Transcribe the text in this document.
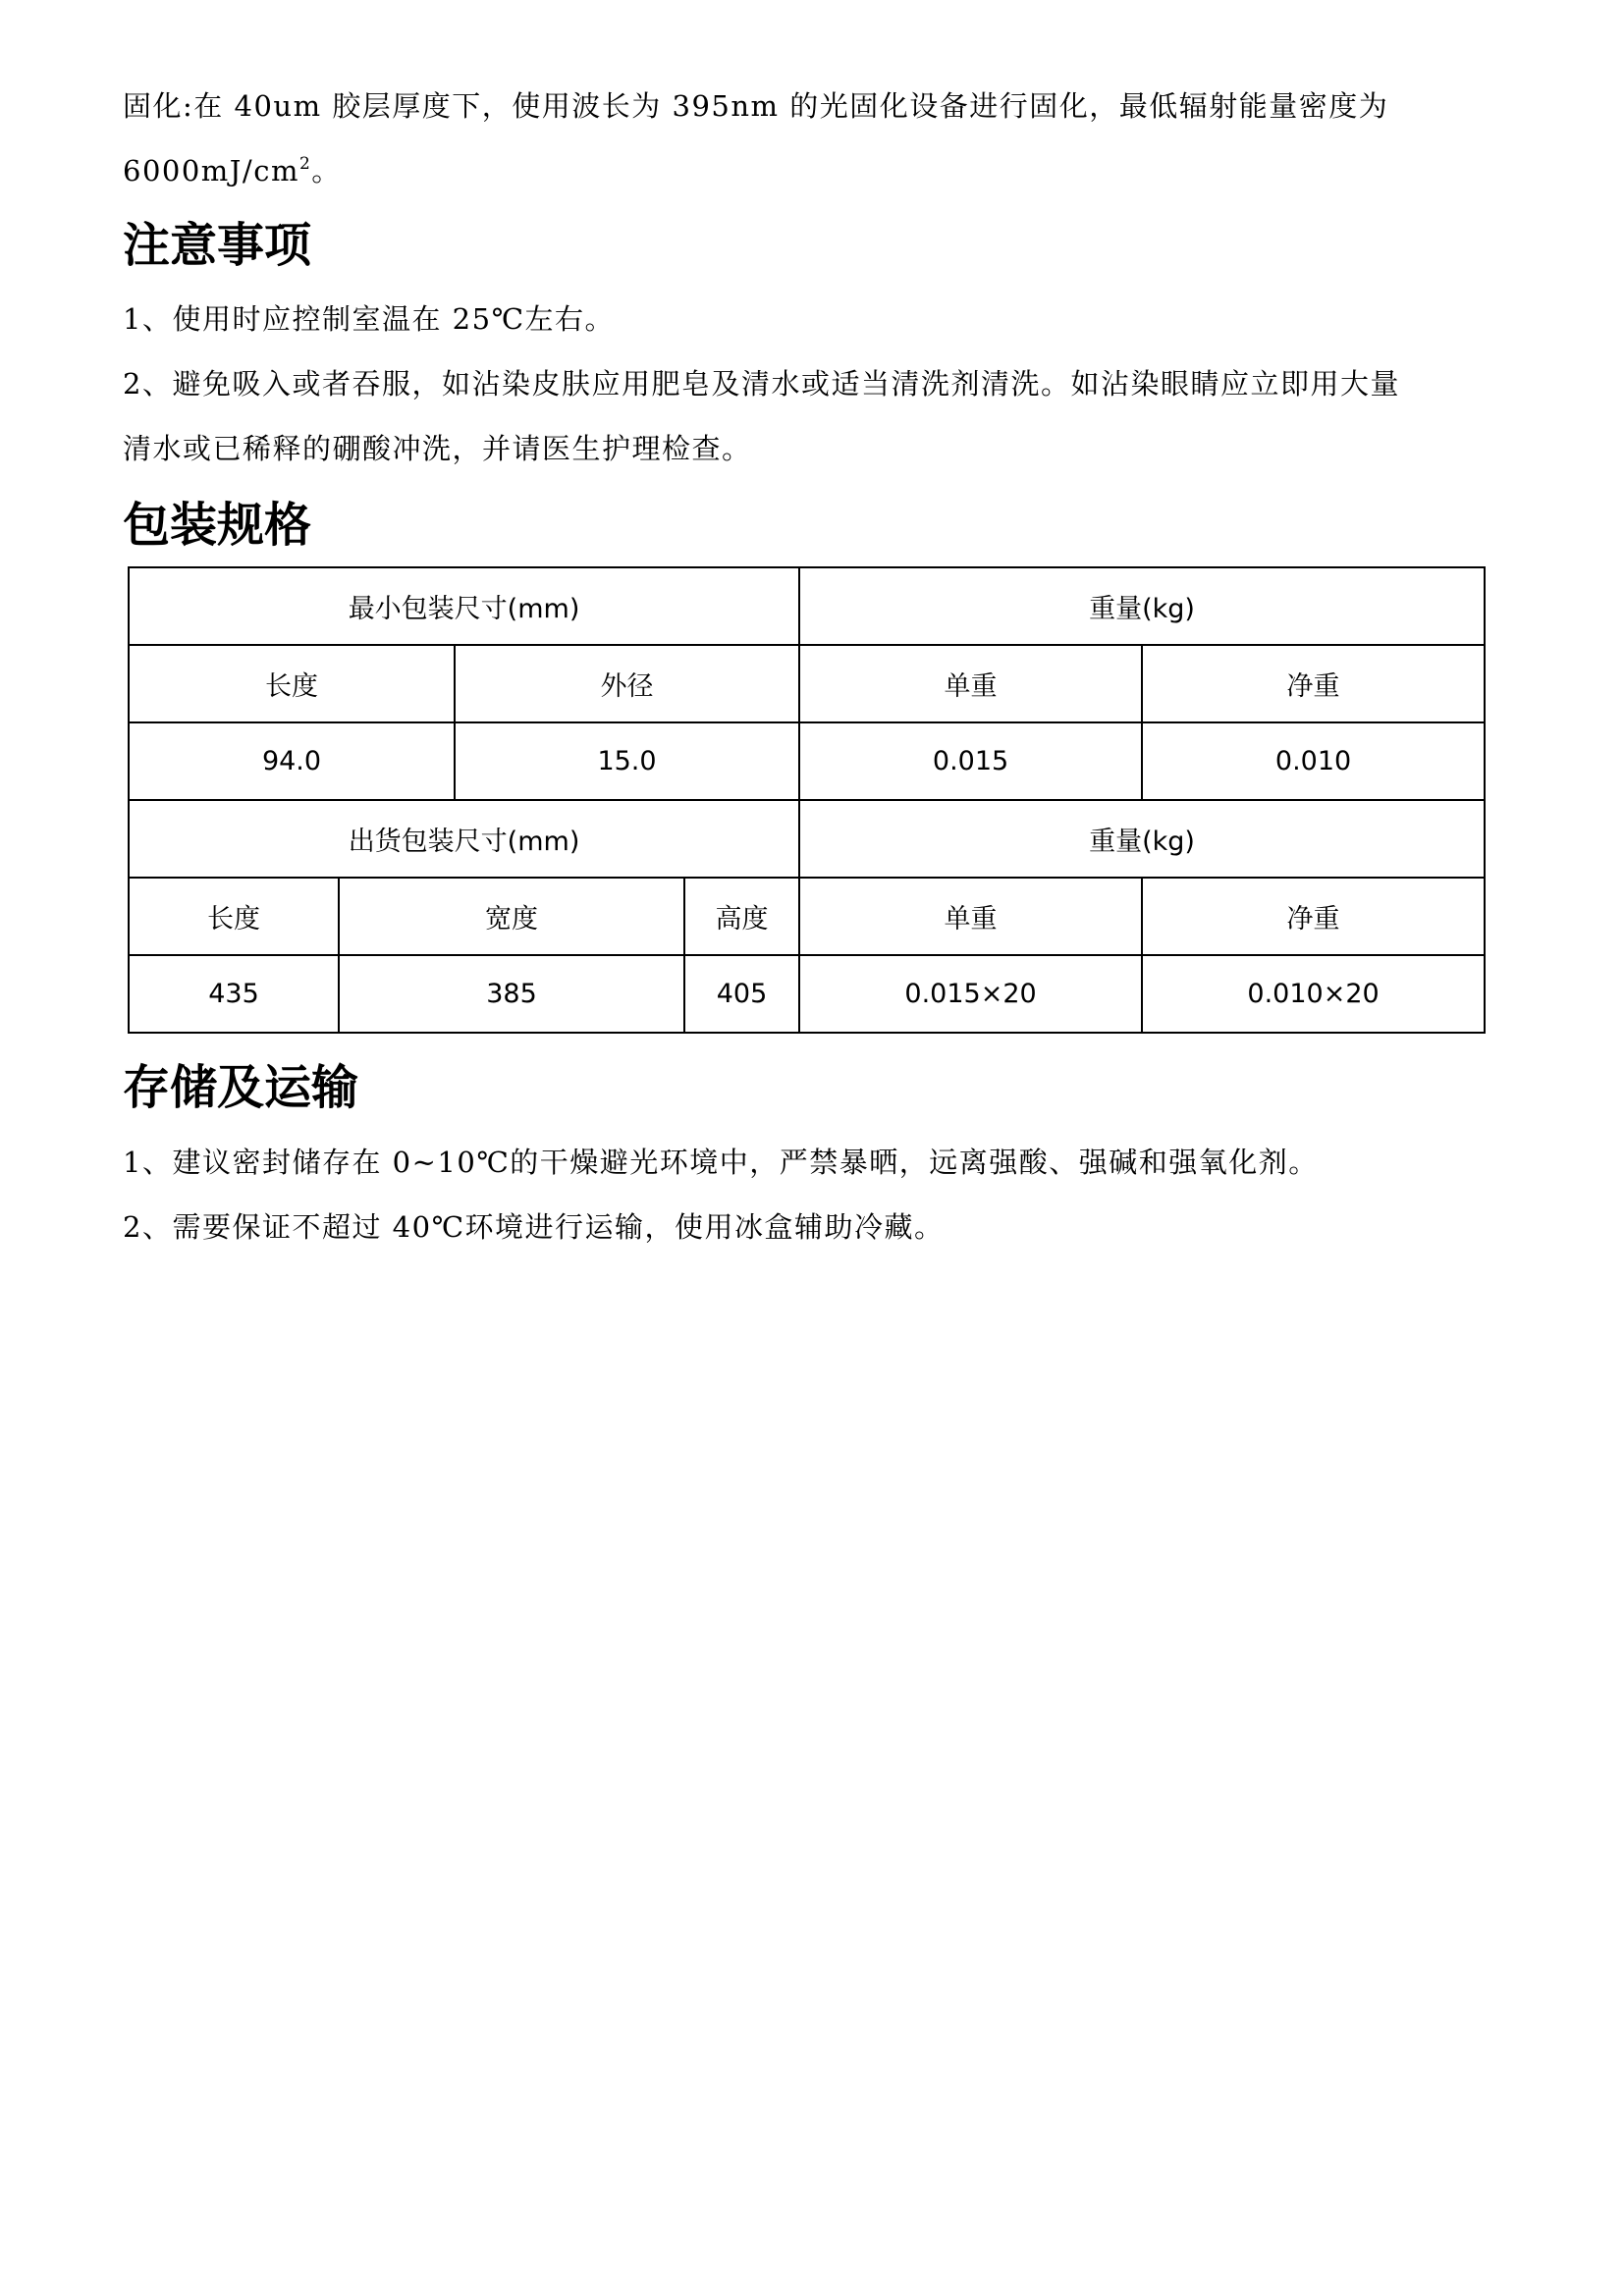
固化:在 40um 胶层厚度下，使用波长为 395nm 的光固化设备进行固化，最低辐射能量密度为
$6000mJ/cm^2$。
注意事项
1、使用时应控制室温在 25℃左右。
2、避免吸入或者吞服，如沾染皮肤应用肥皂及清水或适当清洗剂清洗。如沾染眼睛应立即用大量
清水或已稀释的硼酸冲洗，并请医生护理检查。
包装规格
最小包装尺寸(mm)				重量(kg)	
长度		外径		单重	净重
94.0		15.0		0.015	0.010
出货包装尺寸(mm)				重量(kg)	
长度	宽度		高度	单重	净重
435	385		405	0.015×20	0.010×20
存储及运输
1、建议密封储存在 0~10℃的干燥避光环境中，严禁暴晒，远离强酸、强碱和强氧化剂。
2、需要保证不超过 40℃环境进行运输，使用冰盒辅助冷藏。
